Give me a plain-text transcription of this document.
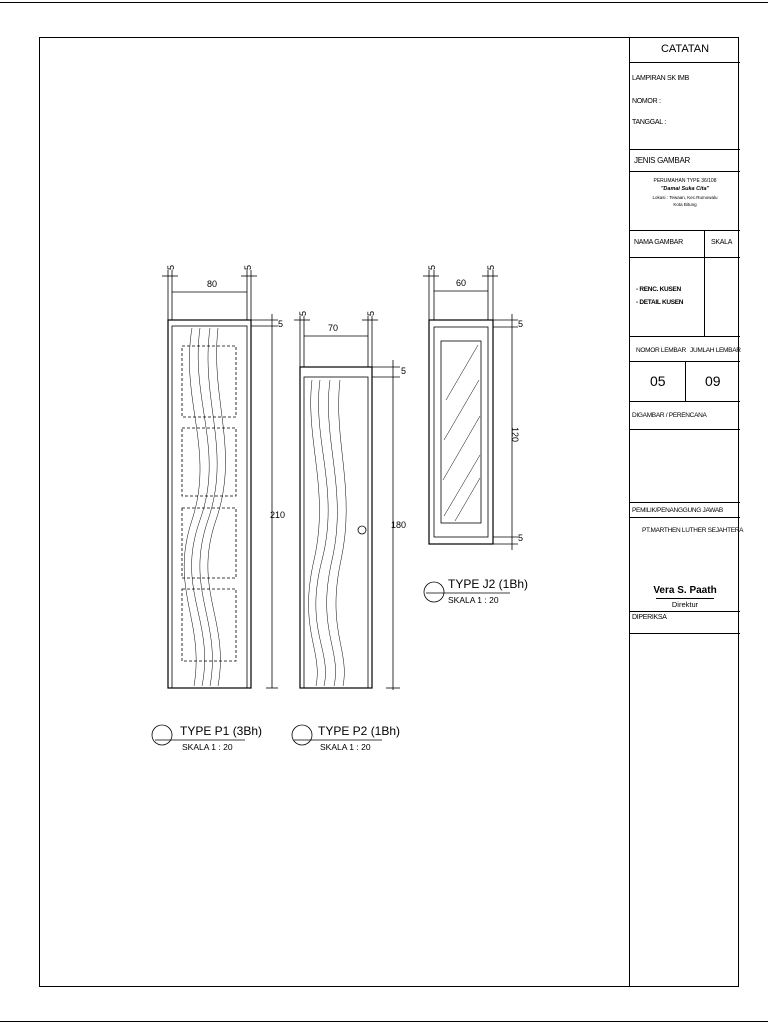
80
5	5
5
210
70
5	5
5
180
60
5	5
5
5
120
TYPE P1 (3Bh)
SKALA 1 : 20
TYPE P2 (1Bh)
SKALA 1 : 20
TYPE J2 (1Bh)
SKALA 1 : 20
CATATAN
LAMPIRAN SK IMB
NOMOR :
TANGGAL :
JENIS GAMBAR
PERUMAHAN TYPE 36/108
"Damai Suka Cita"
Lokasi : Tewaan, Kec.Rumowalu
Kota Bitung
NAMA GAMBAR	SKALA
- RENC. KUSEN
- DETAIL KUSEN
NOMOR LEMBAR JUMLAH LEMBAR
05	09
DIGAMBAR / PERENCANA
PEMILIK/PENANGGUNG JAWAB
PT.MARTHEN LUTHER SEJAHTERA
Vera S. Paath
Direktur
DIPERIKSA
